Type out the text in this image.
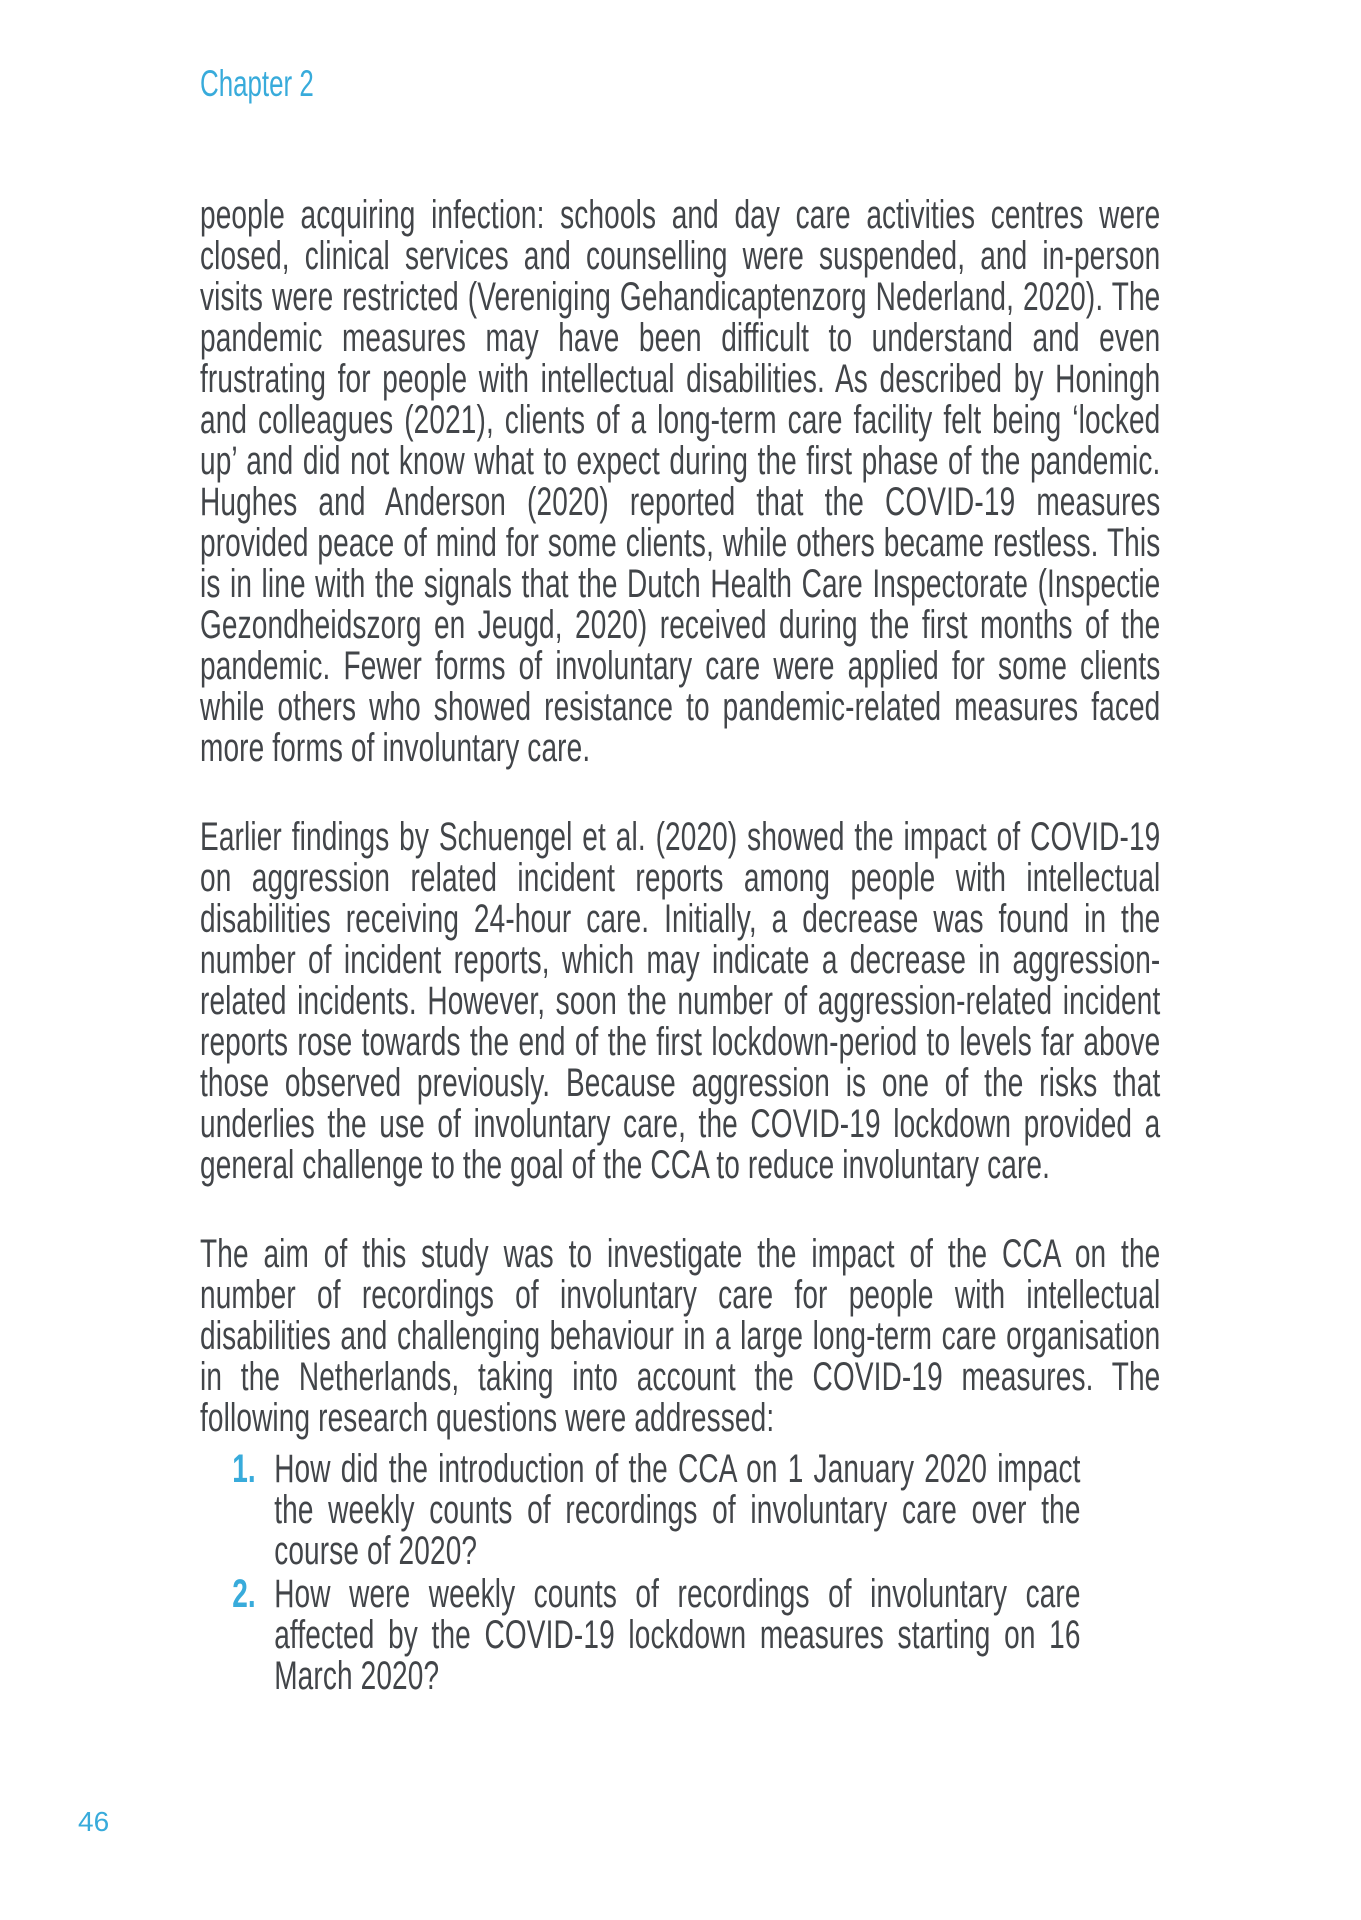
Chapter 2

people acquiring infection: schools and day care activities centres were closed, clinical services and counselling were suspended, and in-person visits were restricted (Vereniging Gehandicaptenzorg Nederland, 2020). The pandemic measures may have been difficult to understand and even frustrating for people with intellectual disabilities. As described by Honingh and colleagues (2021), clients of a long-term care facility felt being ‘locked up’ and did not know what to expect during the first phase of the pandemic. Hughes and Anderson (2020) reported that the COVID-19 measures provided peace of mind for some clients, while others became restless. This is in line with the signals that the Dutch Health Care Inspectorate (Inspectie Gezondheidszorg en Jeugd, 2020) received during the first months of the pandemic. Fewer forms of involuntary care were applied for some clients while others who showed resistance to pandemic-related measures faced more forms of involuntary care.

Earlier findings by Schuengel et al. (2020) showed the impact of COVID-19 on aggression related incident reports among people with intellectual disabilities receiving 24-hour care. Initially, a decrease was found in the number of incident reports, which may indicate a decrease in aggression-related incidents. However, soon the number of aggression-related incident reports rose towards the end of the first lockdown-period to levels far above those observed previously. Because aggression is one of the risks that underlies the use of involuntary care, the COVID-19 lockdown provided a general challenge to the goal of the CCA to reduce involuntary care.

The aim of this study was to investigate the impact of the CCA on the number of recordings of involuntary care for people with intellectual disabilities and challenging behaviour in a large long-term care organisation in the Netherlands, taking into account the COVID-19 measures. The following research questions were addressed:

1. How did the introduction of the CCA on 1 January 2020 impact the weekly counts of recordings of involuntary care over the course of 2020?
2. How were weekly counts of recordings of involuntary care affected by the COVID-19 lockdown measures starting on 16 March 2020?
46
